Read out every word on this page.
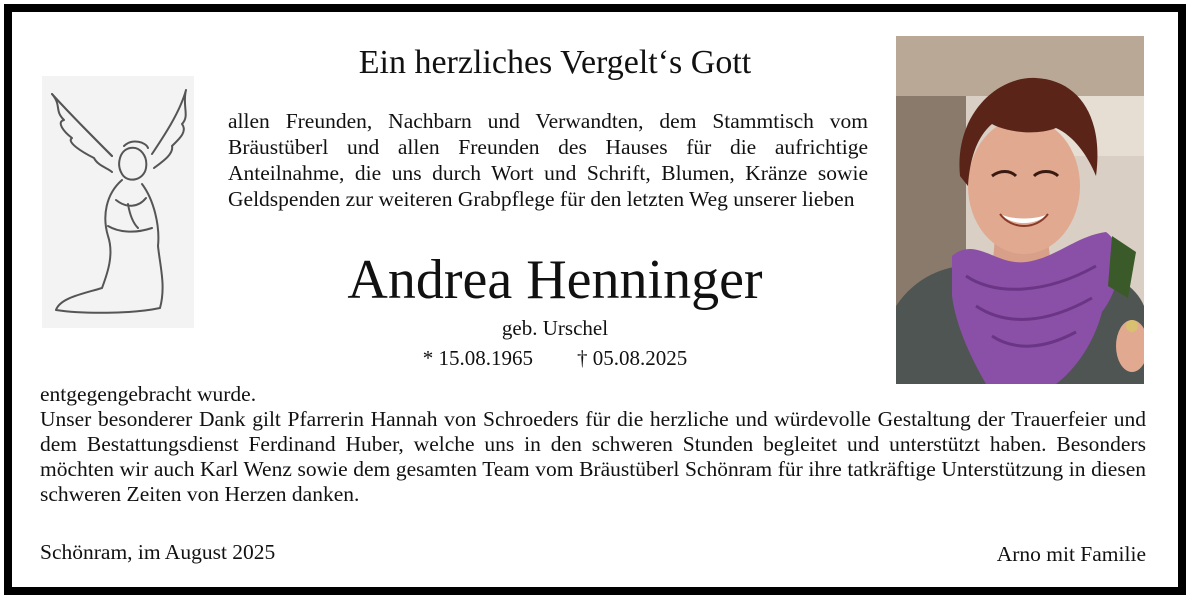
Ein herzliches Vergelt‘s Gott
allen Freunden, Nachbarn und Verwandten, dem Stammtisch vom Bräustüberl und allen Freunden des Hauses für die aufrichtige Anteilnahme, die uns durch Wort und Schrift, Blumen, Kränze sowie Geldspenden zur weiteren Grabpflege für den letzten Weg unserer lieben
Andrea Henninger
geb. Urschel
* 15.08.1965 † 05.08.2025
entgegengebracht wurde.
Unser besonderer Dank gilt Pfarrerin Hannah von Schroeders für die herzliche und würdevolle Gestaltung der Trauerfeier und dem Bestattungsdienst Ferdinand Huber, welche uns in den schweren Stunden begleitet und unterstützt haben. Besonders möchten wir auch Karl Wenz sowie dem gesamten Team vom Bräustüberl Schönram für ihre tatkräftige Unterstützung in diesen schweren Zeiten von Herzen danken.
Schönram, im August 2025	Arno mit Familie
